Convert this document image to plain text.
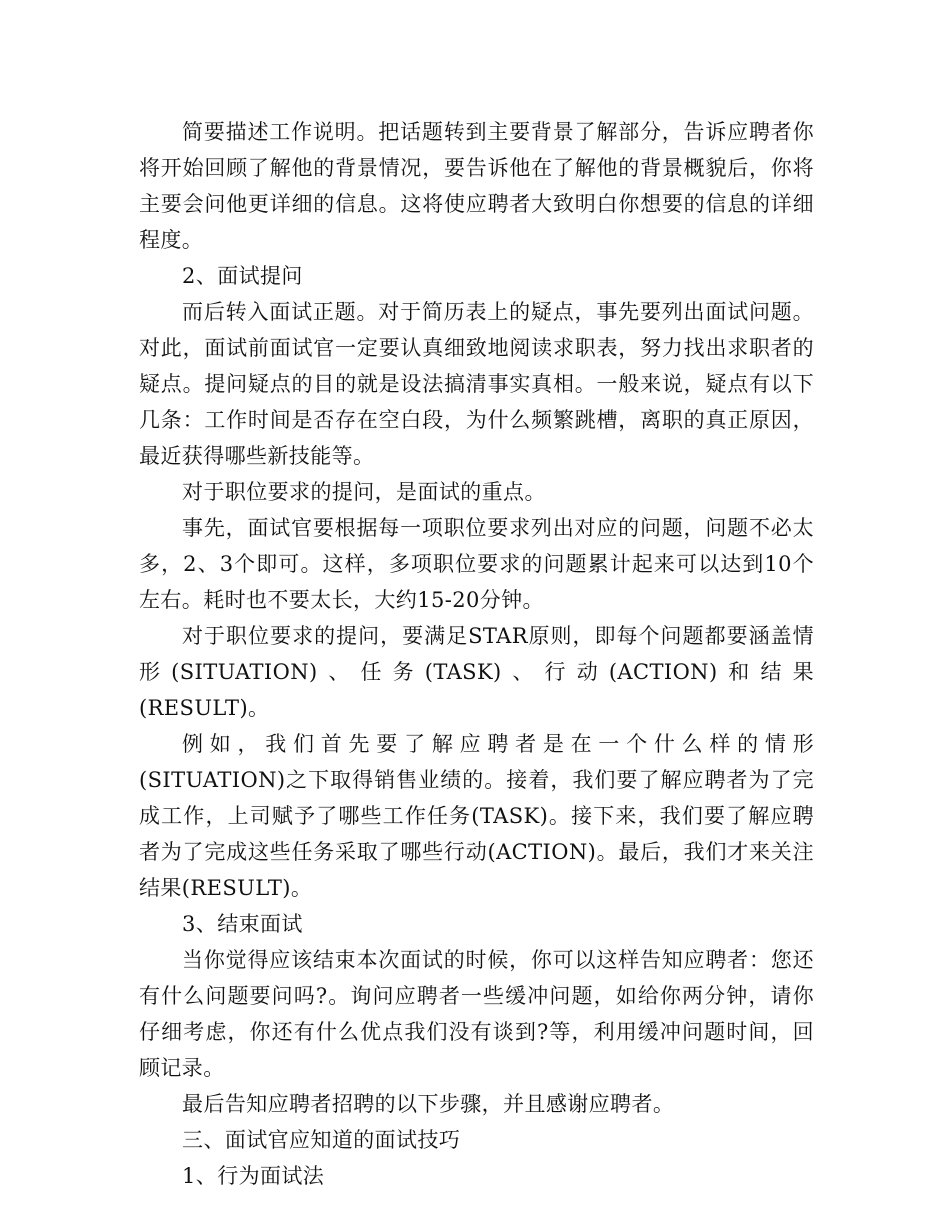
简要描述工作说明。把话题转到主要背景了解部分，告诉应聘者你将开始回顾了解他的背景情况，要告诉他在了解他的背景概貌后，你将主要会问他更详细的信息。这将使应聘者大致明白你想要的信息的详细程度。

2、面试提问

而后转入面试正题。对于简历表上的疑点，事先要列出面试问题。对此，面试前面试官一定要认真细致地阅读求职表，努力找出求职者的疑点。提问疑点的目的就是设法搞清事实真相。一般来说，疑点有以下几条：工作时间是否存在空白段，为什么频繁跳槽，离职的真正原因，最近获得哪些新技能等。

对于职位要求的提问，是面试的重点。

事先，面试官要根据每一项职位要求列出对应的问题，问题不必太多，2、3个即可。这样，多项职位要求的问题累计起来可以达到10个左右。耗时也不要太长，大约15-20分钟。

对于职位要求的提问，要满足STAR原则，即每个问题都要涵盖情形(SITUATION)、任务(TASK)、行动(ACTION)和结果(RESULT)。

例如，我们首先要了解应聘者是在一个什么样的情形(SITUATION)之下取得销售业绩的。接着，我们要了解应聘者为了完成工作，上司赋予了哪些工作任务(TASK)。接下来，我们要了解应聘者为了完成这些任务采取了哪些行动(ACTION)。最后，我们才来关注结果(RESULT)。

3、结束面试

当你觉得应该结束本次面试的时候，你可以这样告知应聘者：您还有什么问题要问吗?。询问应聘者一些缓冲问题，如给你两分钟，请你仔细考虑，你还有什么优点我们没有谈到?等，利用缓冲问题时间，回顾记录。

最后告知应聘者招聘的以下步骤，并且感谢应聘者。

三、面试官应知道的面试技巧

1、行为面试法
